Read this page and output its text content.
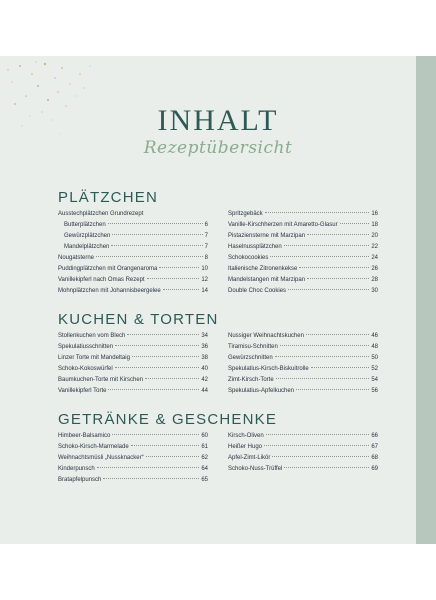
INHALT
Rezeptübersicht
PLÄTZCHEN
Ausstechplätzchen Grundrezept
Butterplätzchen	6
Gewürzplätzchen	7
Mandelplätzchen	7
Nougatsterne	8
Puddingplätzchen mit Orangenaroma	10
Vanillekipferl nach Omas Rezept	12
Mohnplätzchen mit Johannisbeergelee	14
Spritzgebäck	16
Vanille-Kirschherzen mit Amaretto-Glasur	18
Pistaziensterne mit Marzipan	20
Haselnussplätzchen	22
Schokocookies	24
Italienische Zitronenkekse	26
Mandelstangen mit Marzipan	28
Double Choc Cookies	30
KUCHEN & TORTEN
Stollenkuchen vom Blech	34
Spekulatiusschnitten	36
Linzer Torte mit Mandeltaig	38
Schoko-Kokoswürfel	40
Baumkuchen-Torte mit Kirschen	42
Vanillekipferl Torte	44
Nussiger Weihnachtskuchen	46
Tiramisu-Schnitten	48
Gewürzschnitten	50
Spekulatius-Kirsch-Biskuitrolle	52
Zimt-Kirsch-Torte	54
Spekulatius-Apfelkuchen	56
GETRÄNKE & GESCHENKE
Himbeer-Balsamico	60
Schoko-Kirsch-Marmelade	61
Weihnachtsmüsli „Nussknacker“	62
Kinderpunsch	64
Bratapfelpunsch	65
Kirsch-Oliven	66
Heißer Hugo	67
Apfel-Zimt-Likör	68
Schoko-Nuss-Trüffel	69
